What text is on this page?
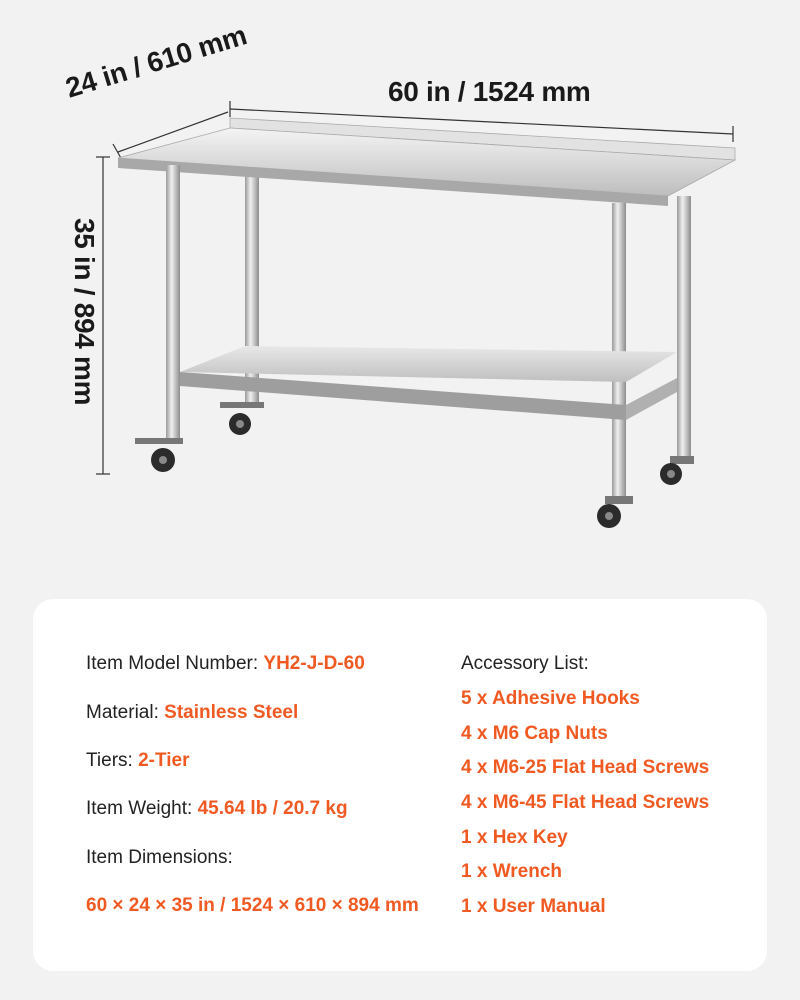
60 in / 1524 mm
24 in / 610 mm
35 in / 894 mm
Item Model Number: YH2-J-D-60
Material: Stainless Steel
Tiers: 2-Tier
Item Weight: 45.64 lb / 20.7 kg
Item Dimensions:
60 × 24 × 35 in / 1524 × 610 × 894 mm
Accessory List:
5 x Adhesive Hooks
4 x M6 Cap Nuts
4 x M6-25 Flat Head Screws
4 x M6-45 Flat Head Screws
1 x Hex Key
1 x Wrench
1 x User Manual
